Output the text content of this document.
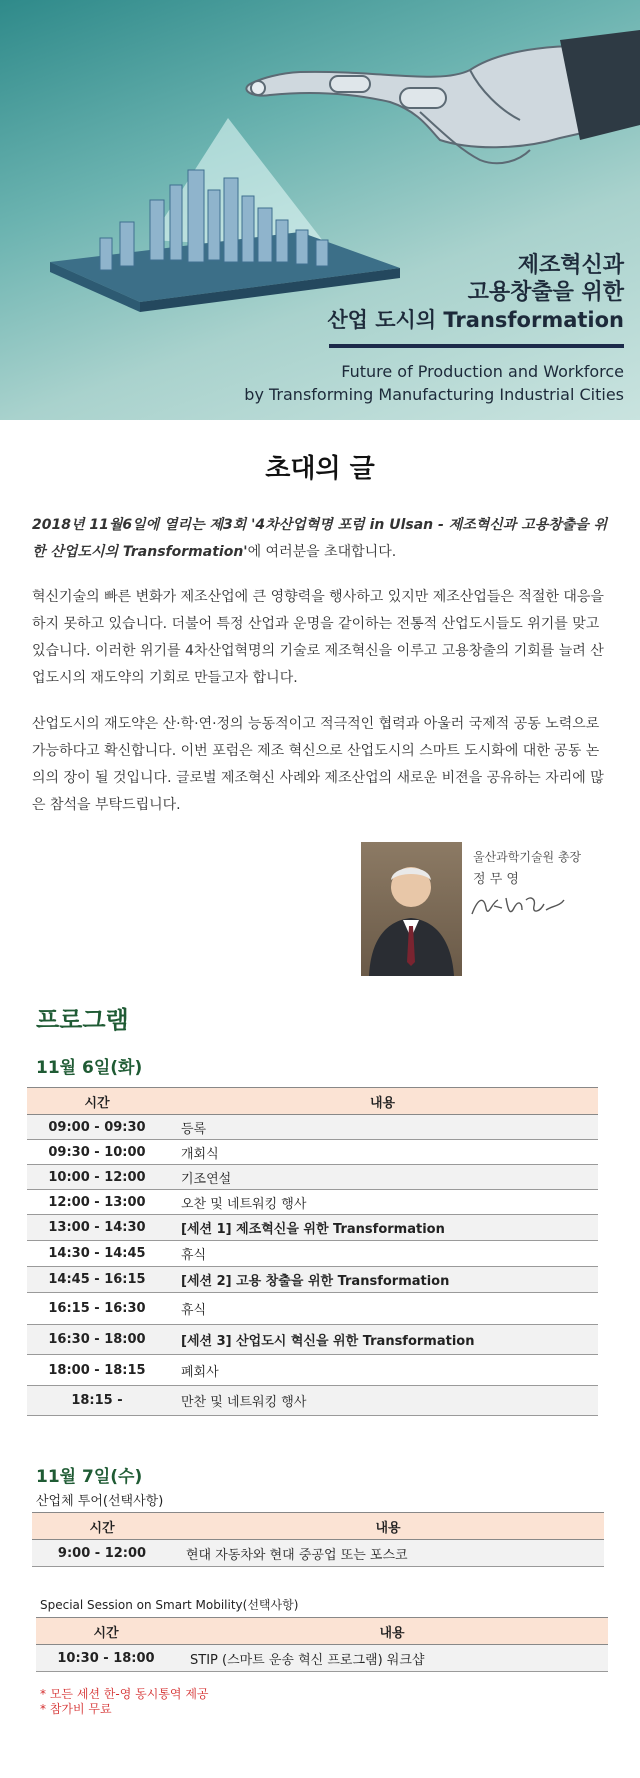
제조혁신과
고용창출을 위한
산업 도시의 Transformation
Future of Production and Workforce
by Transforming Manufacturing Industrial Cities
초대의 글
2018년 11월6일에 열리는 제3회 '4차산업혁명 포럼 in Ulsan - 제조혁신과 고용창출을 위한 산업도시의 Transformation'에 여러분을 초대합니다.
혁신기술의 빠른 변화가 제조산업에 큰 영향력을 행사하고 있지만 제조산업들은 적절한 대응을 하지 못하고 있습니다. 더불어 특정 산업과 운명을 같이하는 전통적 산업도시들도 위기를 맞고 있습니다. 이러한 위기를 4차산업혁명의 기술로 제조혁신을 이루고 고용창출의 기회를 늘려 산업도시의 재도약의 기회로 만들고자 합니다.
산업도시의 재도약은 산·학·연·정의 능동적이고 적극적인 협력과 아울러 국제적 공동 노력으로 가능하다고 확신합니다. 이번 포럼은 제조 혁신으로 산업도시의 스마트 도시화에 대한 공동 논의의 장이 될 것입니다. 글로벌 제조혁신 사례와 제조산업의 새로운 비젼을 공유하는 자리에 많은 참석을 부탁드립니다.
울산과학기술원 총장
정 무 영
프로그램
11월 6일(화)
시간	내용
09:00 - 09:30	등록
09:30 - 10:00	개회식
10:00 - 12:00	기조연설
12:00 - 13:00	오찬 및 네트워킹 행사
13:00 - 14:30	[세션 1] 제조혁신을 위한 Transformation
14:30 - 14:45	휴식
14:45 - 16:15	[세션 2] 고용 창출을 위한 Transformation
16:15 - 16:30	휴식
16:30 - 18:00	[세션 3] 산업도시 혁신을 위한 Transformation
18:00 - 18:15	폐회사
18:15 -	만찬 및 네트워킹 행사
11월 7일(수)
산업체 투어(선택사항)
시간	내용
9:00 - 12:00	현대 자동차와 현대 중공업 또는 포스코
Special Session on Smart Mobility(선택사항)
시간	내용
10:30 - 18:00	STIP (스마트 운송 혁신 프로그램) 워크샵
* 모든 세션 한-영 동시통역 제공
* 참가비 무료
